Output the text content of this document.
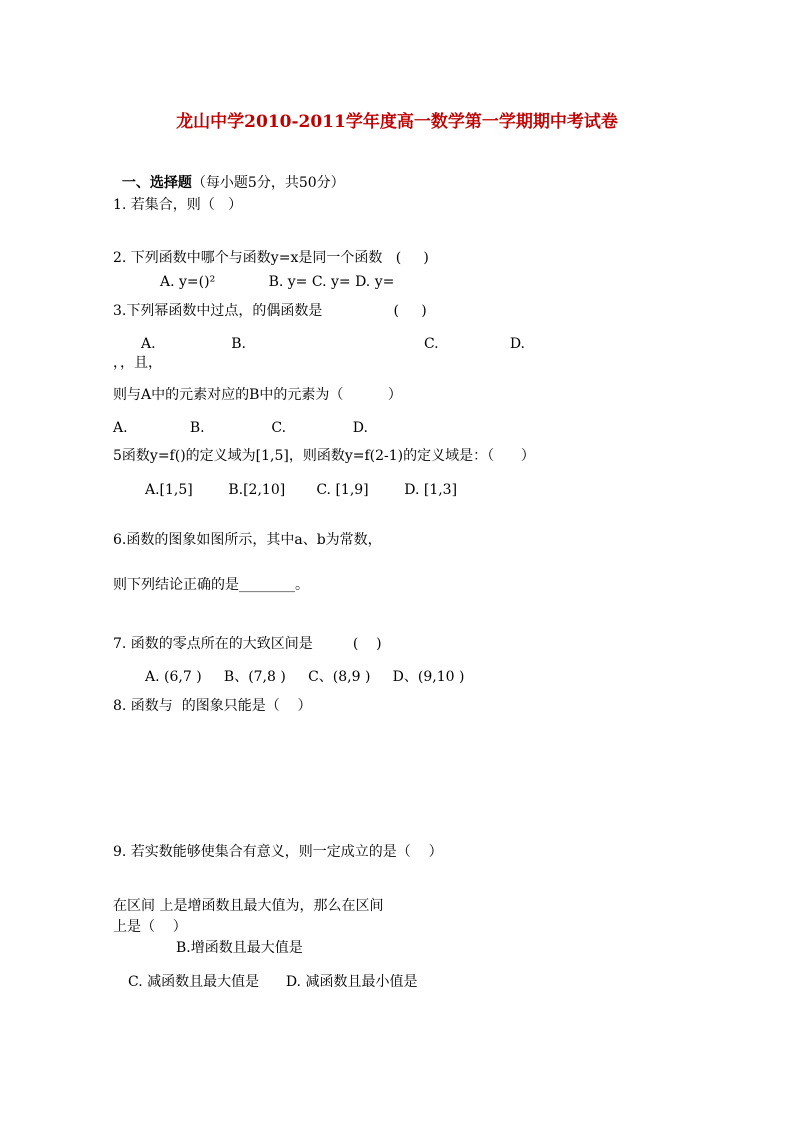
龙山中学2010-2011学年度高一数学第一学期期中考试卷

一、选择题（每小题5分，共50分）

1. 若集合，则（   ）
2. 下列函数中哪个与函数y=x是同一个函数   (     )
A. y=()²            B. y= C. y= D. y=
3.下列幂函数中过点，的偶函数是                (     )
A.                 B.                                        C.                D.
，，且，
则与A中的元素对应的B中的元素为（          ）
A.              B.               C.               D.
5函数y=f()的定义域为[1,5]，则函数y=f(2-1)的定义域是：（      ）
A.[1,5]        B.[2,10]       C. [1,9]        D. [1,3]
6.函数的图象如图所示，其中a、b为常数，
则下列结论正确的是________。
7. 函数的零点所在的大致区间是         (    )
A. (6,7 )     B、(7,8 )     C、(8,9 )     D、(9,10 )
8. 函数与  的图象只能是（    ）
9. 若实数能够使集合有意义，则一定成立的是（    ）
在区间 上是增函数且最大值为，那么在区间
上是（    ）
B.增函数且最大值是
C. 减函数且最大值是      D. 减函数且最小值是
